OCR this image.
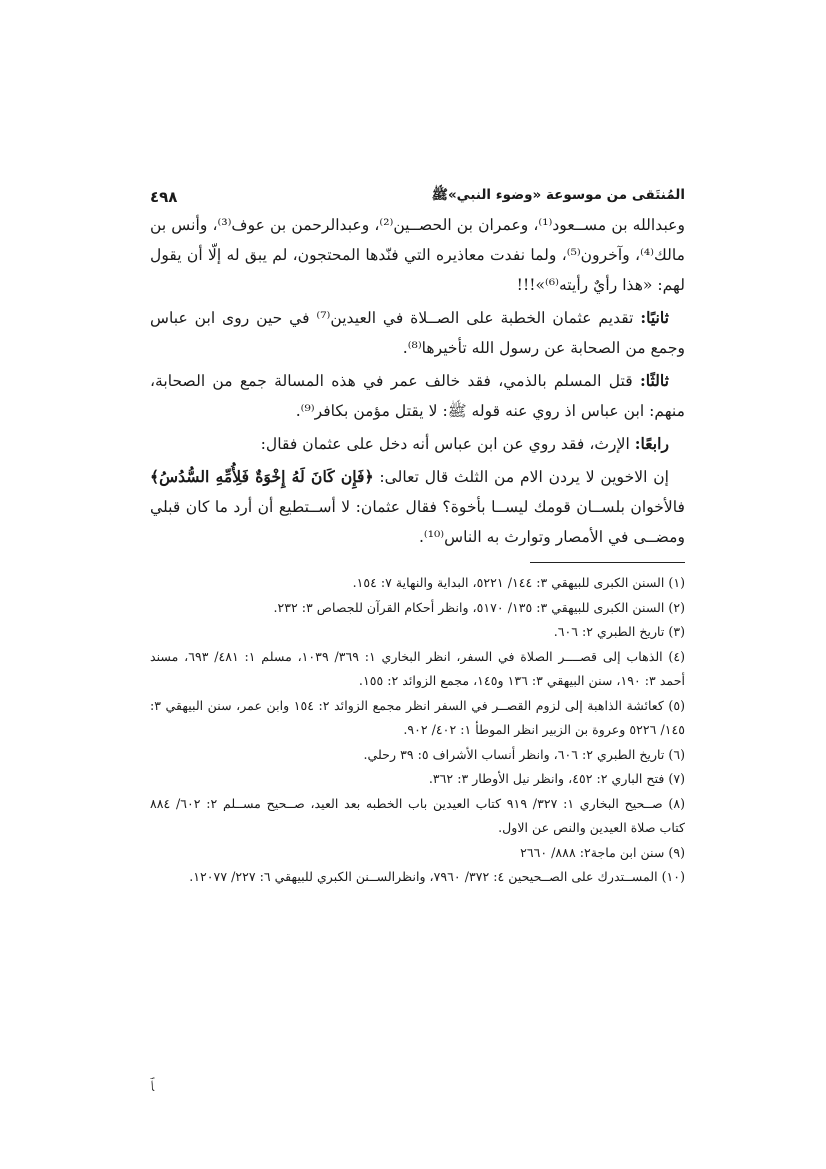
المُنتَقى من موسوعة «وضوء النبي»ﷺ
٤٩٨

وعبدالله بن مســعود⁽¹⁾، وعمران بن الحصــين⁽²⁾، وعبدالرحمن بن عوف⁽³⁾، وأنس بن مالك⁽⁴⁾، وآخرون⁽⁵⁾، ولما نفدت معاذيره التي فنّدها المحتجون، لم يبق له إلّا أن يقول لهم: «هذا رأيٌ رأيته⁽⁶⁾»!!!

ثانيًا: تقديم عثمان الخطبة على الصــلاة في العيدين⁽⁷⁾ في حين روى ابن عباس وجمع من الصحابة عن رسول الله تأخيرها⁽⁸⁾.

ثالثًا: قتل المسلم بالذمي، فقد خالف عمر في هذه المسالة جمع من الصحابة، منهم: ابن عباس اذ روي عنه قوله ﷺ: لا يقتل مؤمن بكافر⁽⁹⁾.

رابعًا: الإرث، فقد روي عن ابن عباس أنه دخل على عثمان فقال:

إن الاخوين لا يردن الام من الثلث قال تعالى: ﴿فَإِن كَانَ لَهُ إِخْوَةٌ فَلِأُمِّهِ السُّدُسُ﴾ فالأخوان بلســان قومك ليســا بأخوة؟ فقال عثمان: لا أســتطيع أن أرد ما كان قبلي ومضــى في الأمصار وتوارث به الناس⁽¹⁰⁾.

(١) السنن الكبرى للبيهقي ٣: ١٤٤/ ٥٢٢١، البداية والنهاية ٧: ١٥٤.

(٢) السنن الكبرى للبيهقي ٣: ١٣٥/ ٥١٧٠، وانظر أحكام القرآن للجصاص ٣: ٢٣٢.

(٣) تاريخ الطبري ٢: ٦٠٦.

(٤) الذهاب إلى قصــــر الصلاة في السفر، انظر البخاري ١: ٣٦٩/ ١٠٣٩، مسلم ١: ٤٨١/ ٦٩٣، مسند أحمد ٣: ١٩٠، سنن البيهقي ٣: ١٣٦ و١٤٥، مجمع الزوائد ٢: ١٥٥.

(٥) كعائشة الذاهبة إلى لزوم القصــر في السفر انظر مجمع الزوائد ٢: ١٥٤ وابن عمر، سنن البيهقي ٣: ١٤٥/ ٥٢٢٦ وعروة بن الزبير انظر الموطأ ١: ٤٠٢/ ٩٠٢.

(٦) تاريخ الطبري ٢: ٦٠٦، وانظر أنساب الأشراف ٥: ٣٩ رحلي.

(٧) فتح الباري ٢: ٤٥٢، وانظر نيل الأوطار ٣: ٣٦٢.

(٨) صــحيح البخاري ١: ٣٢٧/ ٩١٩ كتاب العيدين باب الخطبه بعد العيد، صــحيح مســلم ٢: ٦٠٢/ ٨٨٤ كتاب صلاة العيدين والنص عن الاول.

(٩) سنن ابن ماجة٢: ٨٨٨/ ٢٦٦٠

(١٠) المســتدرك على الصــحيحين ٤: ٣٧٢/ ٧٩٦٠، وانظرالســنن الكبري للبيهقي ٦: ٢٢٧/ ١٢٠٧٧.

ﭑ
